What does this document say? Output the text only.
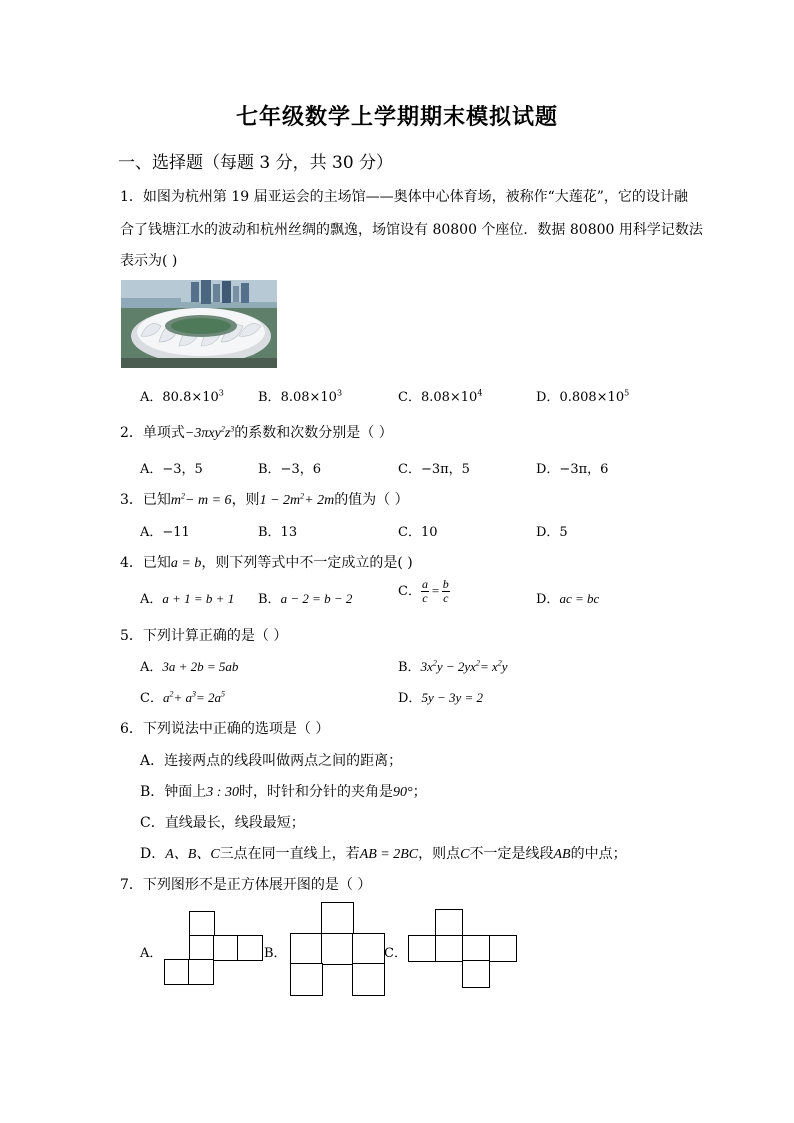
七年级数学上学期期末模拟试题
一、选择题（每题 3 分，共 30 分）
1．如图为杭州第 19 届亚运会的主场馆——奥体中心体育场，被称作“大莲花”，它的设计融
合了钱塘江水的波动和杭州丝绸的飘逸，场馆设有 80800 个座位．数据 80800 用科学记数法
表示为( )
A．$80.8\times 10^3$	B．$8.08\times 10^3$	C．$8.08\times 10^4$	D．$0.808\times 10^5$
2．单项式$-3\pi xy^2z^3$的系数和次数分别是（ ）
A．−3，5	B．−3，6	C．−3π，5	D．−3π，6
3．已知$m^2- m = 6$，则$1 - 2m^2+ 2m$的值为（ ）
A．−11	B．13	C．10	D．5
4．已知a = b，则下列等式中不一定成立的是( )
A．a + 1 = b + 1 B．a − 2 = b − 2	C． $\frac{a}{c} = \frac{b}{c}$	D．ac = bc
5．下列计算正确的是（ ）
A．3a + 2b = 5ab	B．$3x^2y - 2yx^2= x^2y$
C．$a^2+ a^3= 2a^5$	D．5y − 3y = 2
6．下列说法中正确的选项是（ ）
A．连接两点的线段叫做两点之间的距离；
B．钟面上3 : 30时，时针和分针的夹角是90°；
C．直线最长，线段最短；
D．A、B、C三点在同一直线上，若AB = 2BC，则点C不一定是线段AB的中点；
7．下列图形不是正方体展开图的是（ ）
A．	B．	C．
